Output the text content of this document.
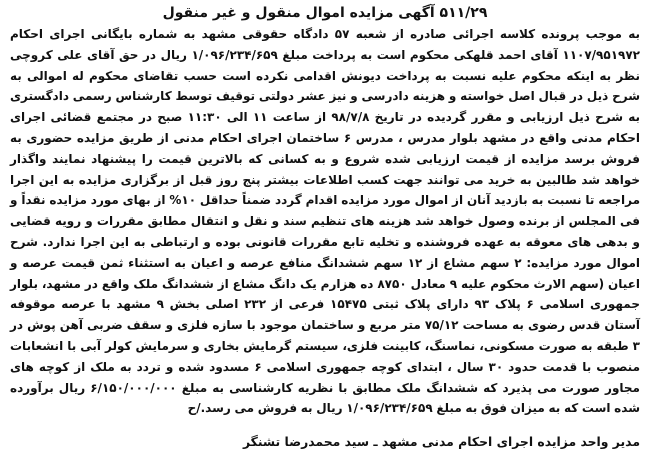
۵۱۱/۲۹ آگهی مزایده اموال منقول و غیر منقول

به موجب پرونده کلاسه اجرائی صادره از شعبه ۵۷ دادگاه حقوقی مشهد به شماره بایگانی اجرای احکام ۱۱۰۷/۹۵۱۹۷۲ آقای احمد قلهکی محکوم است به پرداخت مبلغ ۱/۰۹۶/۲۳۴/۶۵۹ ریال در حق آقای علی کروچی نظر به اینکه محکوم علیه نسبت به پرداخت دیونش اقدامی نکرده است حسب تقاضای محکوم له اموالی به شرح ذیل در قبال اصل خواسته و هزینه دادرسی و نیز عشر دولتی توقیف توسط کارشناس رسمی دادگستری به شرح ذیل ارزیابی و مقرر گردیده در تاریخ ۹۸/۷/۸ از ساعت ۱۱ الی ۱۱:۳۰ صبح در مجتمع قضائی اجرای احکام مدنی واقع در مشهد بلوار مدرس ، مدرس ۶ ساختمان اجرای احکام مدنی از طریق مزایده حضوری به فروش برسد مزایده از قیمت ارزیابی شده شروع و به کسانی که بالاترین قیمت را پیشنهاد نمایند واگذار خواهد شد طالبین به خرید می توانند جهت کسب اطلاعات بیشتر پنج روز قبل از برگزاری مزایده به این اجرا مراجعه تا نسبت به بازدید آنان از اموال مورد مزایده اقدام گردد ضمناً حداقل ۱۰% از بهای مورد مزایده نقداً و فی المجلس از برنده وصول خواهد شد هزینه های تنظیم سند و نقل و انتقال مطابق مقررات و رویه قضایی و بدهی های معوقه به عهده فروشنده و تخلیه تابع مقررات قانونی بوده و ارتباطی به این اجرا ندارد. شرح اموال مورد مزایده: ۲ سهم مشاع از ۱۲ سهم ششدانگ منافع عرصه و اعیان به استثناء ثمن قیمت عرصه و اعیان (سهم الارث محکوم علیه ۹ معادل ۸۷۵۰ ده هزارم یک دانگ مشاع از ششدانگ ملک واقع در مشهد، بلوار جمهوری اسلامی ۶ پلاک ۹۳ دارای پلاک ثبتی ۱۵۴۷۵ فرعی از ۲۳۲ اصلی بخش ۹ مشهد با عرصه موقوفه آستان قدس رضوی به مساحت ۷۵/۱۲ متر مربع و ساختمان موجود با سازه فلزی و سقف ضربی آهن پوش در ۳ طبقه به صورت مسکونی، نماسنگ، کابینت فلزی، سیستم گرمایش بخاری و سرمایش کولر آبی با انشعابات منصوب با قدمت حدود ۳۰ سال ، ابتدای کوچه جمهوری اسلامی ۶ مسدود شده و تردد به ملک از کوچه های مجاور صورت می پذیرد که ششدانگ ملک مطابق با نظریه کارشناسی به مبلغ ۶/۱۵۰/۰۰۰/۰۰۰ ریال برآورده شده است که به میزان فوق به مبلغ ۱/۰۹۶/۲۳۴/۶۵۹ ریال به فروش می رسد./ح

مدیر واحد مزایده اجرای احکام مدنی مشهد ـ سید محمدرضا تشنگر
